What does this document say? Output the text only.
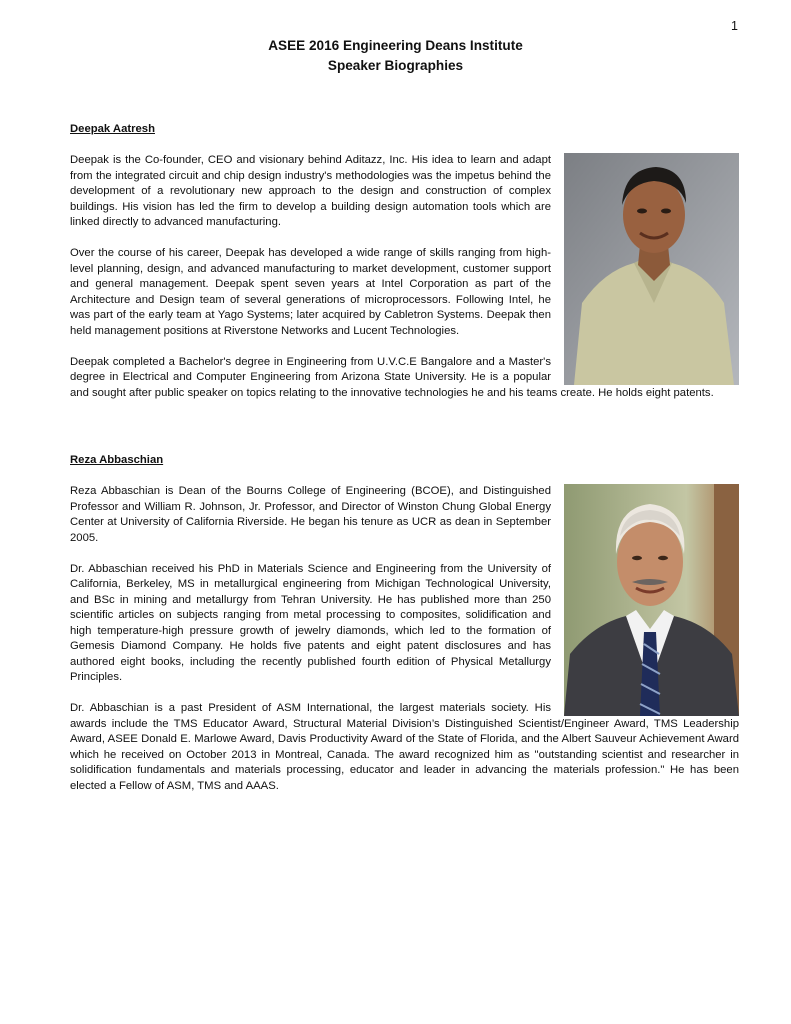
1
ASEE 2016 Engineering Deans Institute
Speaker Biographies

Deepak Aatresh

Deepak is the Co-founder, CEO and visionary behind Aditazz, Inc. His idea to learn and adapt from the integrated circuit and chip design industry's methodologies was the impetus behind the development of a revolutionary new approach to the design and construction of complex buildings. His vision has led the firm to develop a building design automation tools which are linked directly to advanced manufacturing.

Over the course of his career, Deepak has developed a wide range of skills ranging from high-level planning, design, and advanced manufacturing to market development, customer support and general management. Deepak spent seven years at Intel Corporation as part of the Architecture and Design team of several generations of microprocessors. Following Intel, he was part of the early team at Yago Systems; later acquired by Cabletron Systems. Deepak then held management positions at Riverstone Networks and Lucent Technologies.

Deepak completed a Bachelor's degree in Engineering from U.V.C.E Bangalore and a Master's degree in Electrical and Computer Engineering from Arizona State University. He is a popular and sought after public speaker on topics relating to the innovative technologies he and his teams create. He holds eight patents.

Reza Abbaschian

Reza Abbaschian is Dean of the Bourns College of Engineering (BCOE), and Distinguished Professor and William R. Johnson, Jr. Professor, and Director of Winston Chung Global Energy Center at University of California Riverside. He began his tenure as UCR as dean in September 2005.

Dr. Abbaschian received his PhD in Materials Science and Engineering from the University of California, Berkeley, MS in metallurgical engineering from Michigan Technological University, and BSc in mining and metallurgy from Tehran University. He has published more than 250 scientific articles on subjects ranging from metal processing to composites, solidification and high temperature-high pressure growth of jewelry diamonds, which led to the formation of Gemesis Diamond Company. He holds five patents and eight patent disclosures and has authored eight books, including the recently published fourth edition of Physical Metallurgy Principles.

Dr. Abbaschian is a past President of ASM International, the largest materials society. His awards include the TMS Educator Award, Structural Material Division’s Distinguished Scientist/Engineer Award, TMS Leadership Award, ASEE Donald E. Marlowe Award, Davis Productivity Award of the State of Florida, and the Albert Sauveur Achievement Award which he received on October 2013 in Montreal, Canada. The award recognized him as "outstanding scientist and researcher in solidification fundamentals and materials processing, educator and leader in advancing the materials profession." He has been elected a Fellow of ASM, TMS and AAAS.
